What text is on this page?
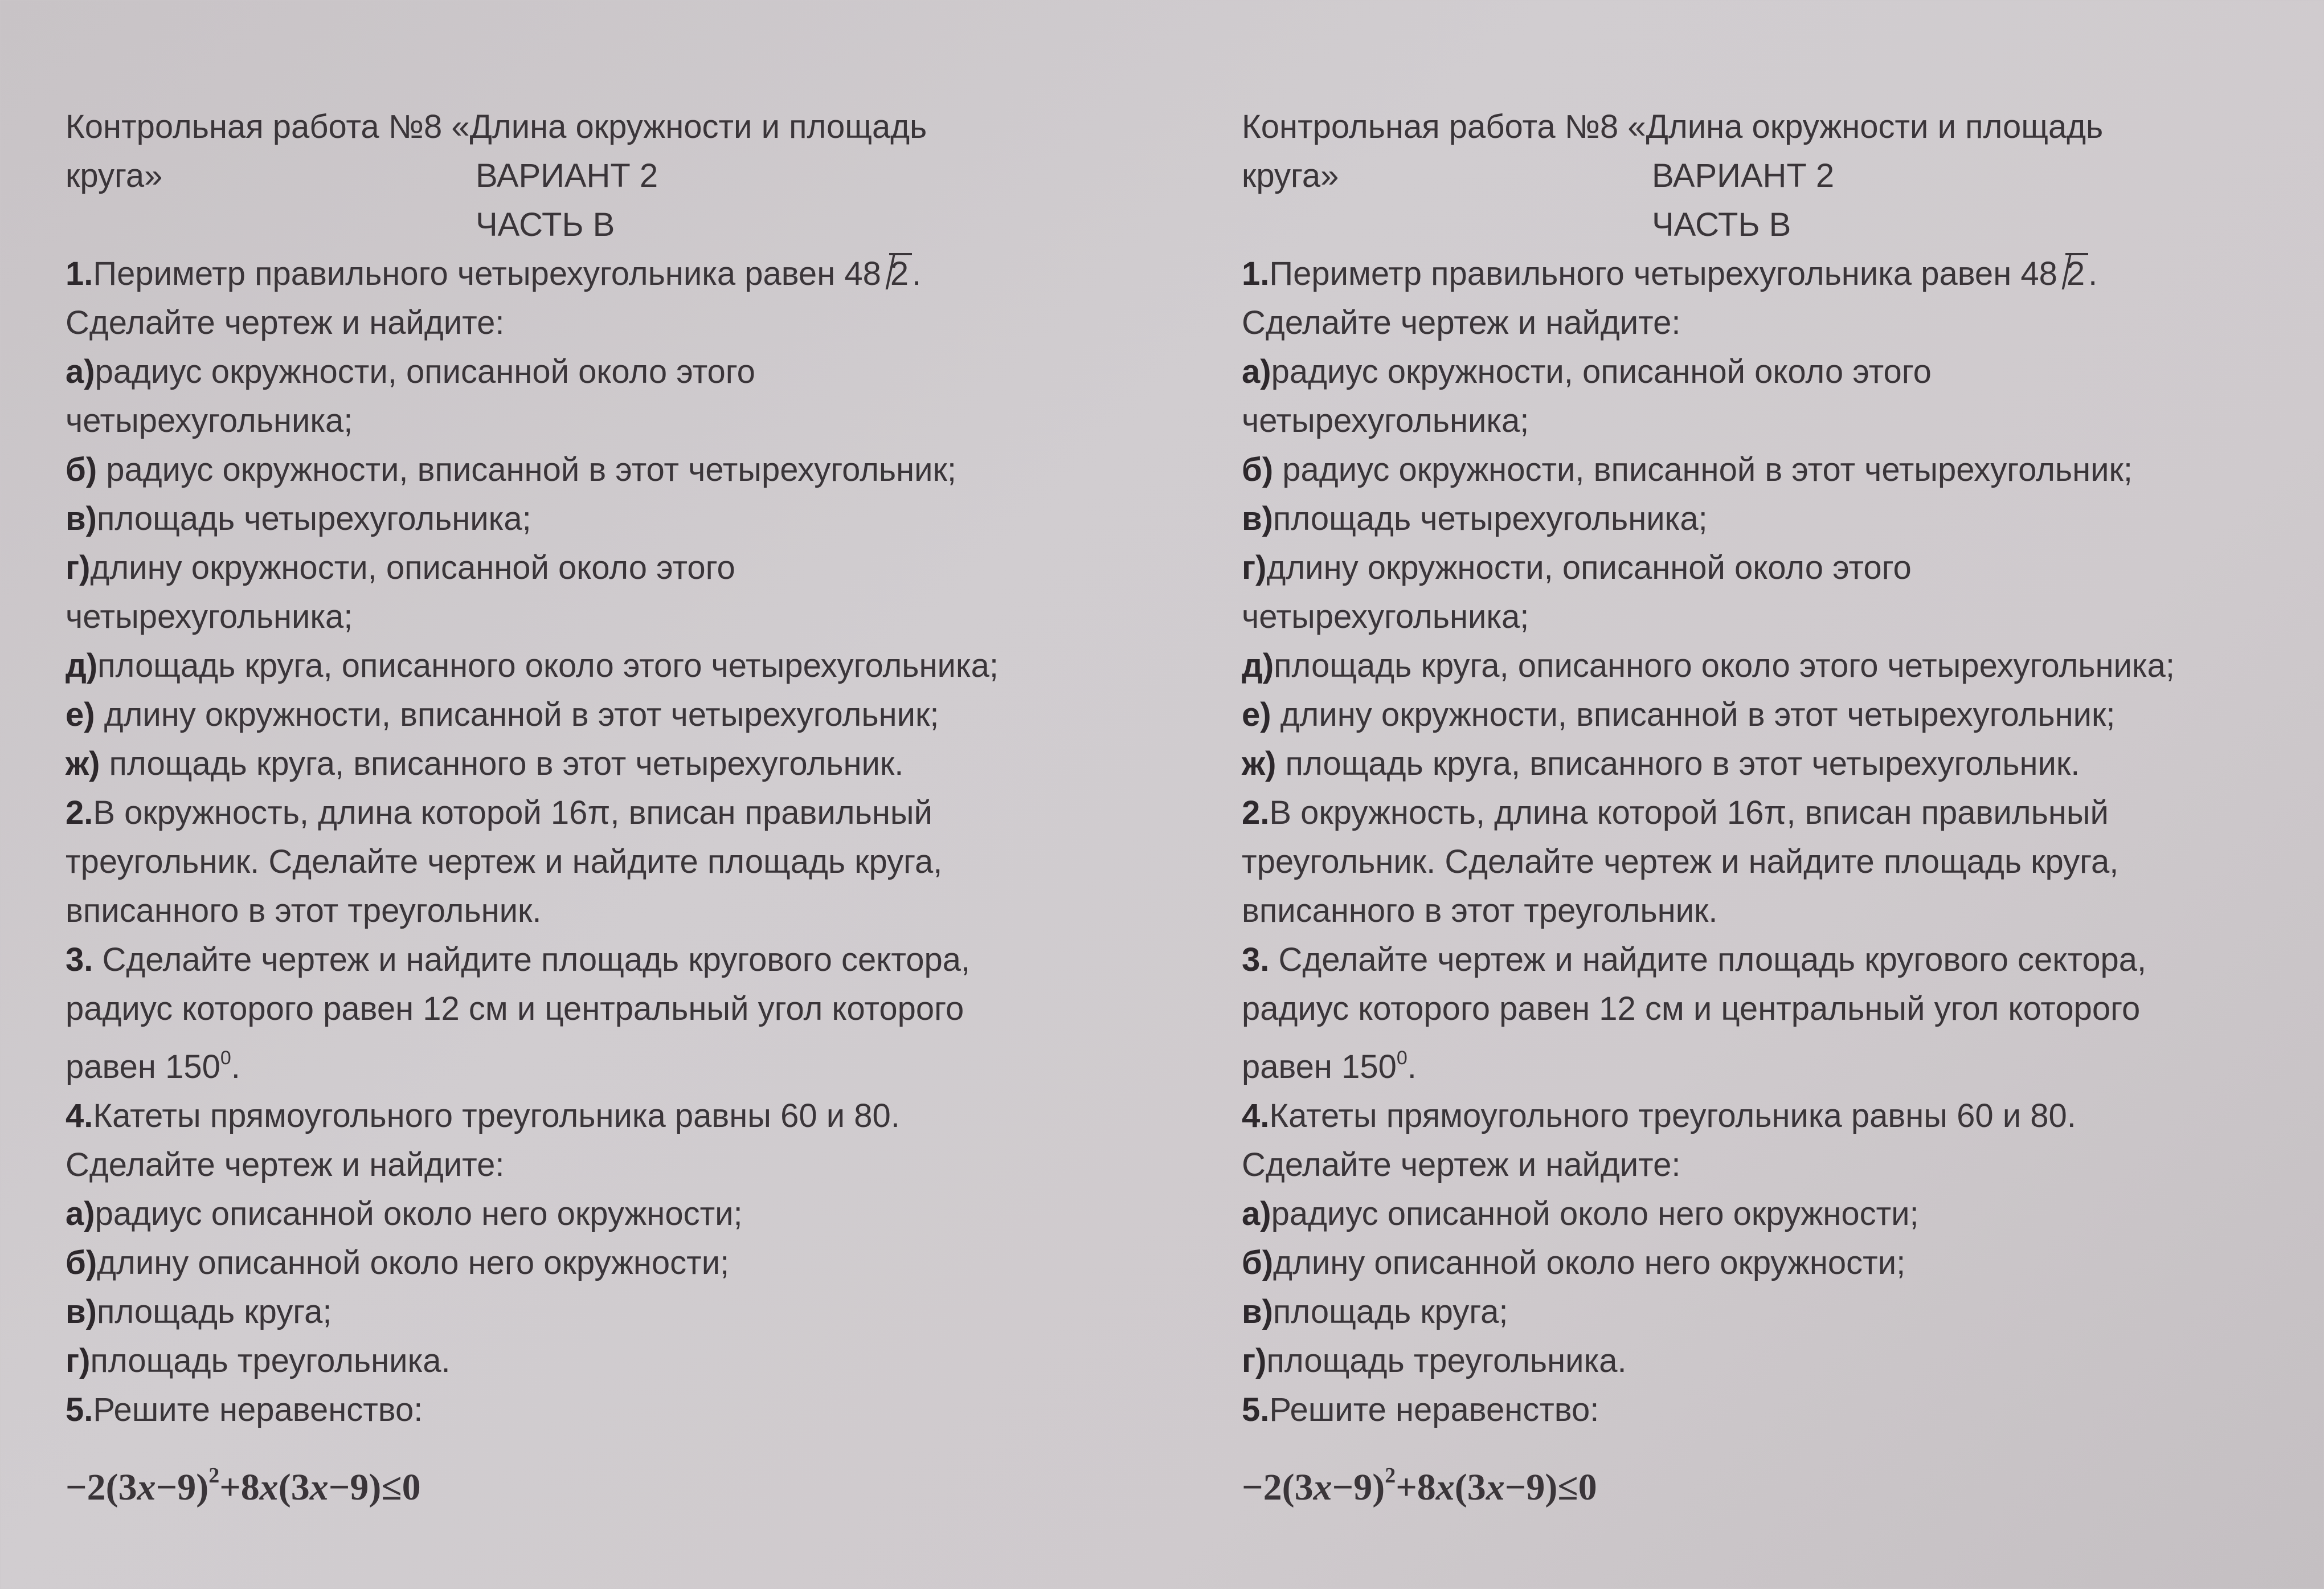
Контрольная работа №8 «Длина окружности и площадь
круга»	ВАРИАНТ 2
ЧАСТЬ В
1.Периметр правильного четырехугольника равен 48 2 .
Сделайте чертеж и найдите:
а)радиус окружности, описанной около этого
четырехугольника;
б) радиус окружности, вписанной в этот четырехугольник;
в)площадь четырехугольника;
г)длину окружности, описанной около этого
четырехугольника;
д)площадь круга, описанного около этого четырехугольника;
е) длину окружности, вписанной в этот четырехугольник;
ж) площадь круга, вписанного в этот четырехугольник.
2.В окружность, длина которой 16π, вписан правильный
треугольник. Сделайте чертеж и найдите площадь круга,
вписанного в этот треугольник.
3. Сделайте чертеж и найдите площадь кругового сектора,
радиус которого равен 12 см и центральный угол которого
равен $150^0$.
4.Катеты прямоугольного треугольника равны 60 и 80.
Сделайте чертеж и найдите:
а)радиус описанной около него окружности;
б)длину описанной около него окружности;
в)площадь круга;
г)площадь треугольника.
5.Решите неравенство:
$-2(3x-9)^2+8x(3x-9)\le 0$
Контрольная работа №8 «Длина окружности и площадь
круга»	ВАРИАНТ 2
ЧАСТЬ В
1.Периметр правильного четырехугольника равен 48 2 .
Сделайте чертеж и найдите:
а)радиус окружности, описанной около этого
четырехугольника;
б) радиус окружности, вписанной в этот четырехугольник;
в)площадь четырехугольника;
г)длину окружности, описанной около этого
четырехугольника;
д)площадь круга, описанного около этого четырехугольника;
е) длину окружности, вписанной в этот четырехугольник;
ж) площадь круга, вписанного в этот четырехугольник.
2.В окружность, длина которой 16π, вписан правильный
треугольник. Сделайте чертеж и найдите площадь круга,
вписанного в этот треугольник.
3. Сделайте чертеж и найдите площадь кругового сектора,
радиус которого равен 12 см и центральный угол которого
равен $150^0$.
4.Катеты прямоугольного треугольника равны 60 и 80.
Сделайте чертеж и найдите:
а)радиус описанной около него окружности;
б)длину описанной около него окружности;
в)площадь круга;
г)площадь треугольника.
5.Решите неравенство:
$-2(3x-9)^2+8x(3x-9)\le 0$
